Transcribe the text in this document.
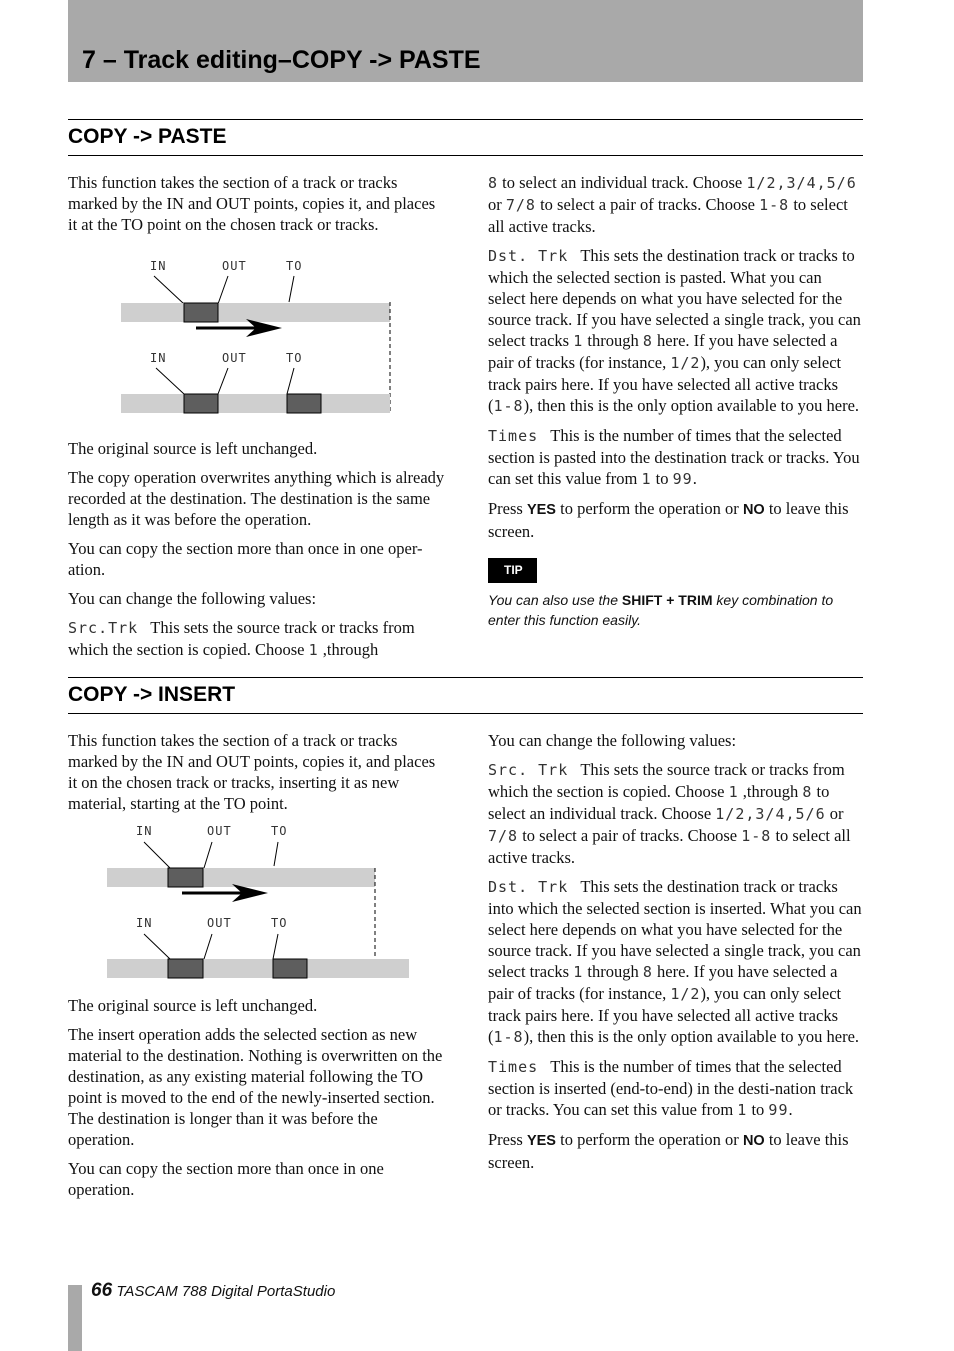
7 – Track editing–COPY -> PASTE
COPY -> PASTE

This function takes the section of a track or tracks marked by the IN and OUT points, copies it, and places it at the TO point on the chosen track or tracks.

IN	OUT	TO
IN	OUT	TO

The original source is left unchanged.

The copy operation overwrites anything which is already recorded at the destination. The destination is the same length as it was before the operation.

You can copy the section more than once in one oper-ation.

You can change the following values:

Src.Trk This sets the source track or tracks from which the section is copied. Choose 1 ,through

8 to select an individual track. Choose 1/2,3/4,5/6 or 7/8 to select a pair of tracks. Choose 1-8 to select all active tracks.

Dst. Trk This sets the destination track or tracks to which the selected section is pasted. What you can select here depends on what you have selected for the source track. If you have selected a single track, you can select tracks 1 through 8 here. If you have selected a pair of tracks (for instance, 1/2), you can only select track pairs here. If you have selected all active tracks (1-8), then this is the only option available to you here.

Times This is the number of times that the selected section is pasted into the destination track or tracks. You can set this value from 1 to 99.

Press YES to perform the operation or NO to leave this screen.

TIP
You can also use the SHIFT + TRIM key combination to enter this function easily.
COPY -> INSERT

This function takes the section of a track or tracks marked by the IN and OUT points, copies it, and places it on the chosen track or tracks, inserting it as new material, starting at the TO point.

IN	OUT	TO
IN	OUT	TO

The original source is left unchanged.

The insert operation adds the selected section as new material to the destination. Nothing is overwritten on the destination, as any existing material following the TO point is moved to the end of the newly-inserted section. The destination is longer than it was before the operation.

You can copy the section more than once in one operation.

You can change the following values:

Src. Trk This sets the source track or tracks from which the section is copied. Choose 1 ,through 8 to select an individual track. Choose 1/2,3/4,5/6 or 7/8 to select a pair of tracks. Choose 1-8 to select all active tracks.

Dst. Trk This sets the destination track or tracks into which the selected section is inserted. What you can select here depends on what you have selected for the source track. If you have selected a single track, you can select tracks 1 through 8 here. If you have selected a pair of tracks (for instance, 1/2), you can only select track pairs here. If you have selected all active tracks (1-8), then this is the only option available to you here.

Times This is the number of times that the selected section is inserted (end-to-end) in the desti-nation track or tracks. You can set this value from 1 to 99.

Press YES to perform the operation or NO to leave this screen.

66 TASCAM 788 Digital PortaStudio
